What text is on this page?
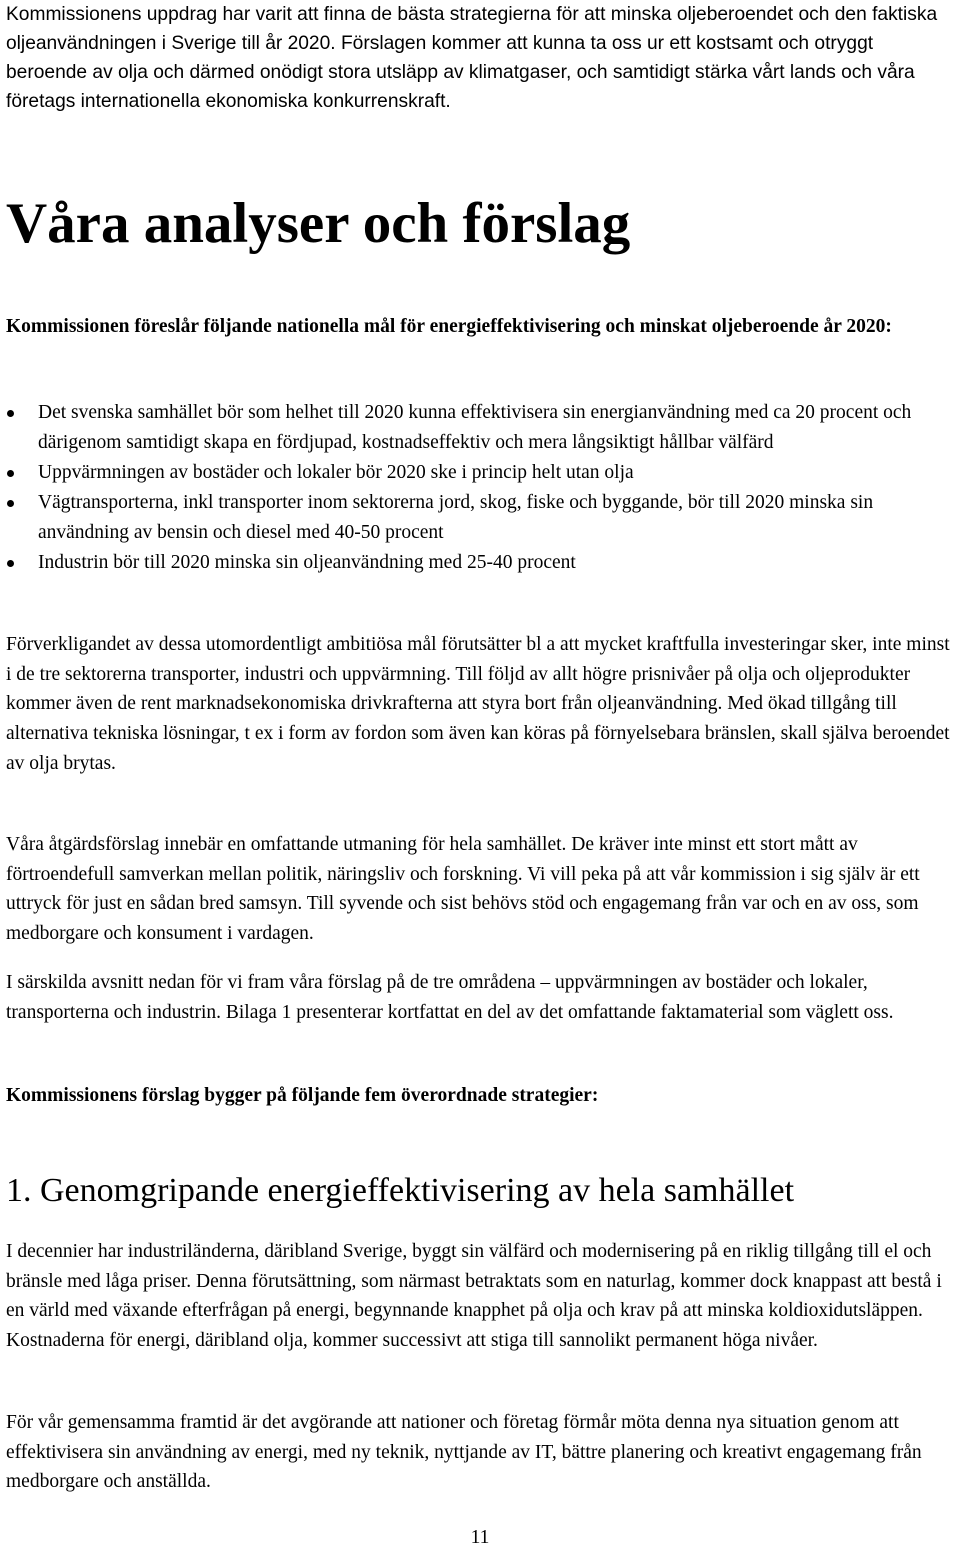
Kommissionens uppdrag har varit att finna de bästa strategierna för att minska oljeberoendet och den faktiska oljeanvändningen i Sverige till år 2020. Förslagen kommer att kunna ta oss ur ett kostsamt och otryggt beroende av olja och därmed onödigt stora utsläpp av klimatgaser, och samtidigt stärka vårt lands och våra företags internationella ekonomiska konkurrenskraft.

Våra analyser och förslag

Kommissionen föreslår följande nationella mål för energieffektivisering och minskat oljeberoende år 2020:

Det svenska samhället bör som helhet till 2020 kunna effektivisera sin energianvändning med ca 20 procent och därigenom samtidigt skapa en fördjupad, kostnadseffektiv och mera långsiktigt hållbar välfärd
Uppvärmningen av bostäder och lokaler bör 2020 ske i princip helt utan olja
Vägtransporterna, inkl transporter inom sektorerna jord, skog, fiske och byggande, bör till 2020 minska sin användning av bensin och diesel med 40-50 procent
Industrin bör till 2020 minska sin oljeanvändning med 25-40 procent

Förverkligandet av dessa utomordentligt ambitiösa mål förutsätter bl a att mycket kraftfulla investeringar sker, inte minst i de tre sektorerna transporter, industri och uppvärmning. Till följd av allt högre prisnivåer på olja och oljeprodukter kommer även de rent marknadsekonomiska drivkrafterna att styra bort från oljeanvändning. Med ökad tillgång till alternativa tekniska lösningar, t ex i form av fordon som även kan köras på förnyelsebara bränslen, skall själva beroendet av olja brytas.

Våra åtgärdsförslag innebär en omfattande utmaning för hela samhället. De kräver inte minst ett stort mått av förtroendefull samverkan mellan politik, näringsliv och forskning. Vi vill peka på att vår kommission i sig själv är ett uttryck för just en sådan bred samsyn. Till syvende och sist behövs stöd och engagemang från var och en av oss, som medborgare och konsument i vardagen.

I särskilda avsnitt nedan för vi fram våra förslag på de tre områdena – uppvärmningen av bostäder och lokaler, transporterna och industrin. Bilaga 1 presenterar kortfattat en del av det omfattande faktamaterial som väglett oss.

Kommissionens förslag bygger på följande fem överordnade strategier:

1. Genomgripande energieffektivisering av hela samhället

I decennier har industriländerna, däribland Sverige, byggt sin välfärd och modernisering på en riklig tillgång till el och bränsle med låga priser. Denna förutsättning, som närmast betraktats som en naturlag, kommer dock knappast att bestå i en värld med växande efterfrågan på energi, begynnande knapphet på olja och krav på att minska koldioxidutsläppen. Kostnaderna för energi, däribland olja, kommer successivt att stiga till sannolikt permanent höga nivåer.

För vår gemensamma framtid är det avgörande att nationer och företag förmår möta denna nya situation genom att effektivisera sin användning av energi, med ny teknik, nyttjande av IT, bättre planering och kreativt engagemang från medborgare och anställda.

11
